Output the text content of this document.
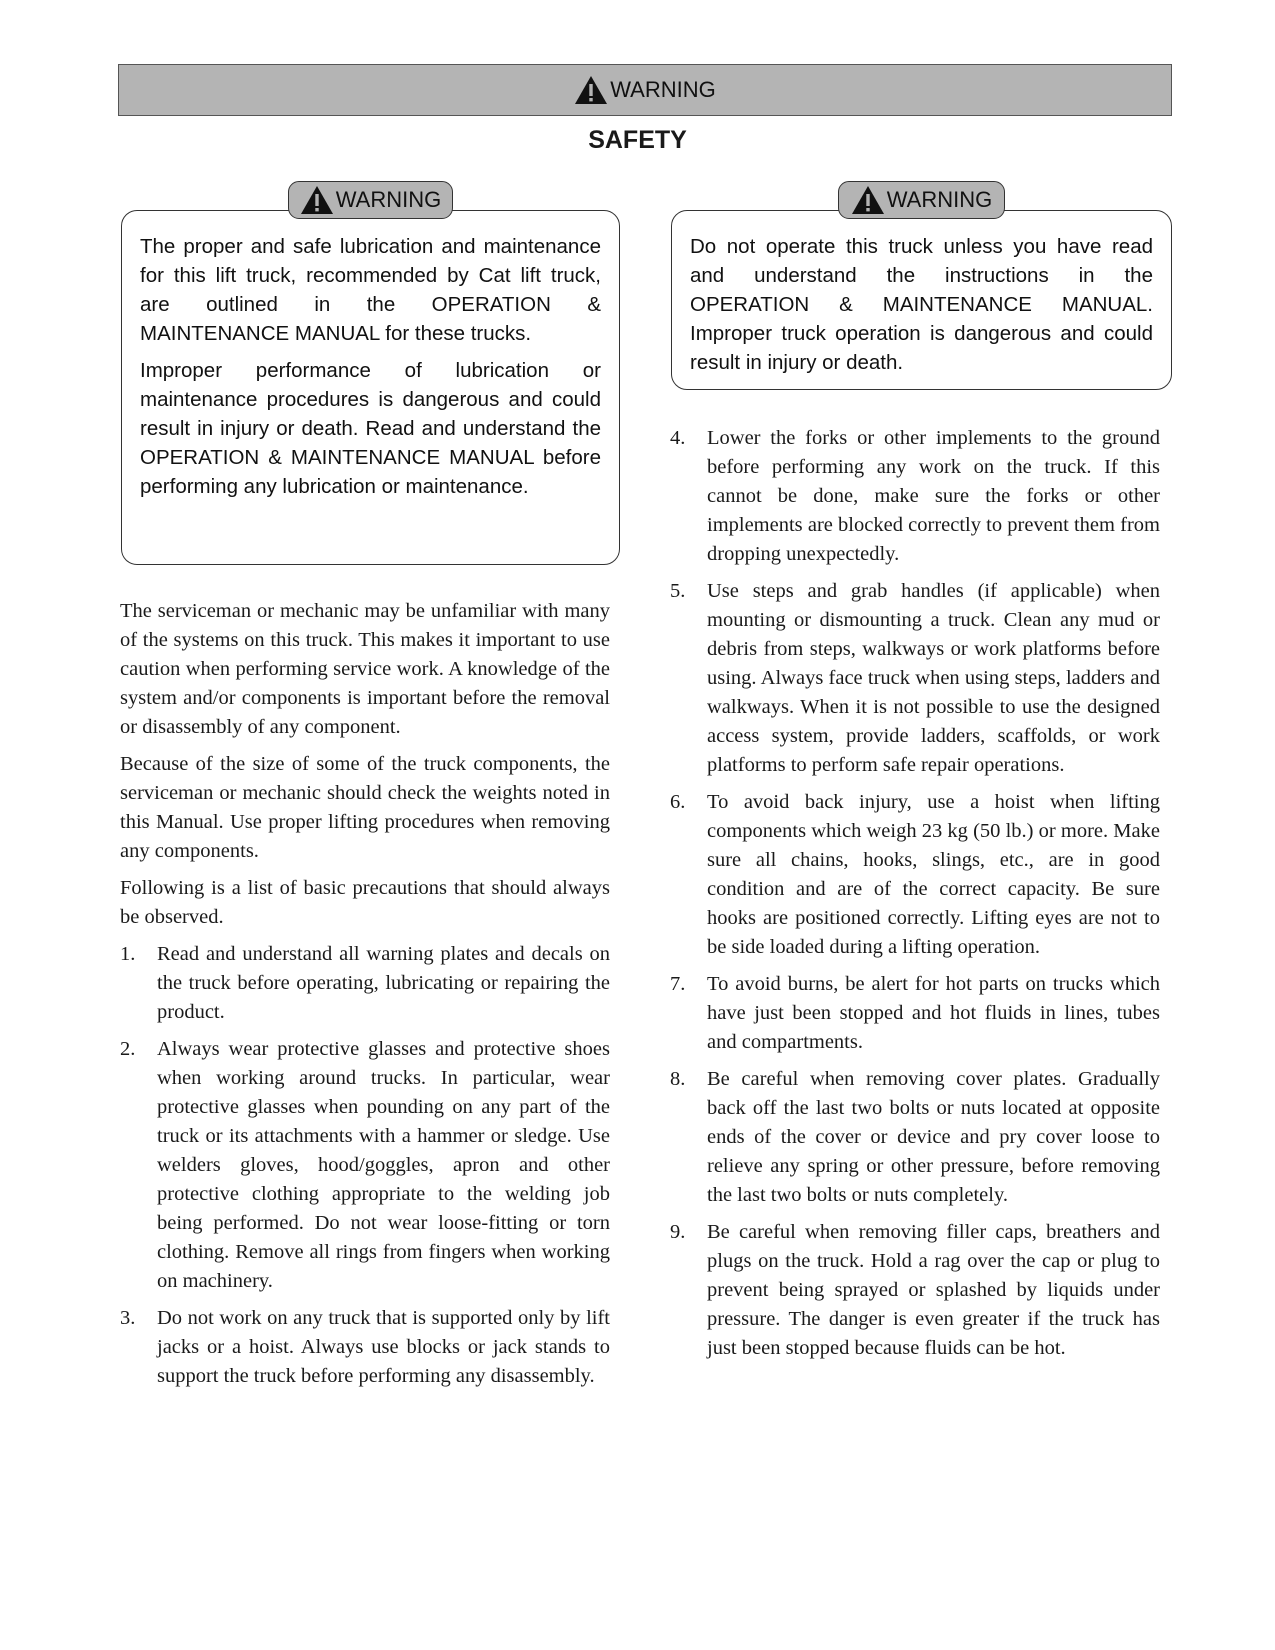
WARNING
SAFETY

The proper and safe lubrication and maintenance for this lift truck, recommended by Cat lift truck, are outlined in the OPERATION & MAINTENANCE MANUAL for these trucks.

Improper performance of lubrication or maintenance procedures is dangerous and could result in injury or death. Read and understand the OPERATION & MAINTENANCE MANUAL before performing any lubrication or maintenance.

WARNING

Do not operate this truck unless you have read and understand the instructions in the OPERATION & MAINTENANCE MANUAL. Improper truck operation is dangerous and could result in injury or death.

WARNING

The serviceman or mechanic may be unfamiliar with many of the systems on this truck. This makes it important to use caution when performing service work. A knowledge of the system and/or components is important before the removal or disassembly of any component.

Because of the size of some of the truck components, the serviceman or mechanic should check the weights noted in this Manual. Use proper lifting procedures when removing any components.

Following is a list of basic precautions that should always be observed.

1. Read and understand all warning plates and decals on the truck before operating, lubricating or repairing the product.
2. Always wear protective glasses and protective shoes when working around trucks. In particular, wear protective glasses when pounding on any part of the truck or its attachments with a hammer or sledge. Use welders gloves, hood/goggles, apron and other protective clothing appropriate to the welding job being performed. Do not wear loose-fitting or torn clothing. Remove all rings from fingers when working on machinery.
3. Do not work on any truck that is supported only by lift jacks or a hoist. Always use blocks or jack stands to support the truck before performing any disassembly.
4. Lower the forks or other implements to the ground before performing any work on the truck. If this cannot be done, make sure the forks or other implements are blocked correctly to prevent them from dropping unexpectedly.
5. Use steps and grab handles (if applicable) when mounting or dismounting a truck. Clean any mud or debris from steps, walkways or work platforms before using. Always face truck when using steps, ladders and walkways. When it is not possible to use the designed access system, provide ladders, scaffolds, or work platforms to perform safe repair operations.
6. To avoid back injury, use a hoist when lifting components which weigh 23 kg (50 lb.) or more. Make sure all chains, hooks, slings, etc., are in good condition and are of the correct capacity. Be sure hooks are positioned correctly. Lifting eyes are not to be side loaded during a lifting operation.
7. To avoid burns, be alert for hot parts on trucks which have just been stopped and hot fluids in lines, tubes and compartments.
8. Be careful when removing cover plates. Gradually back off the last two bolts or nuts located at opposite ends of the cover or device and pry cover loose to relieve any spring or other pressure, before removing the last two bolts or nuts completely.
9. Be careful when removing filler caps, breathers and plugs on the truck. Hold a rag over the cap or plug to prevent being sprayed or splashed by liquids under pressure. The danger is even greater if the truck has just been stopped because fluids can be hot.
